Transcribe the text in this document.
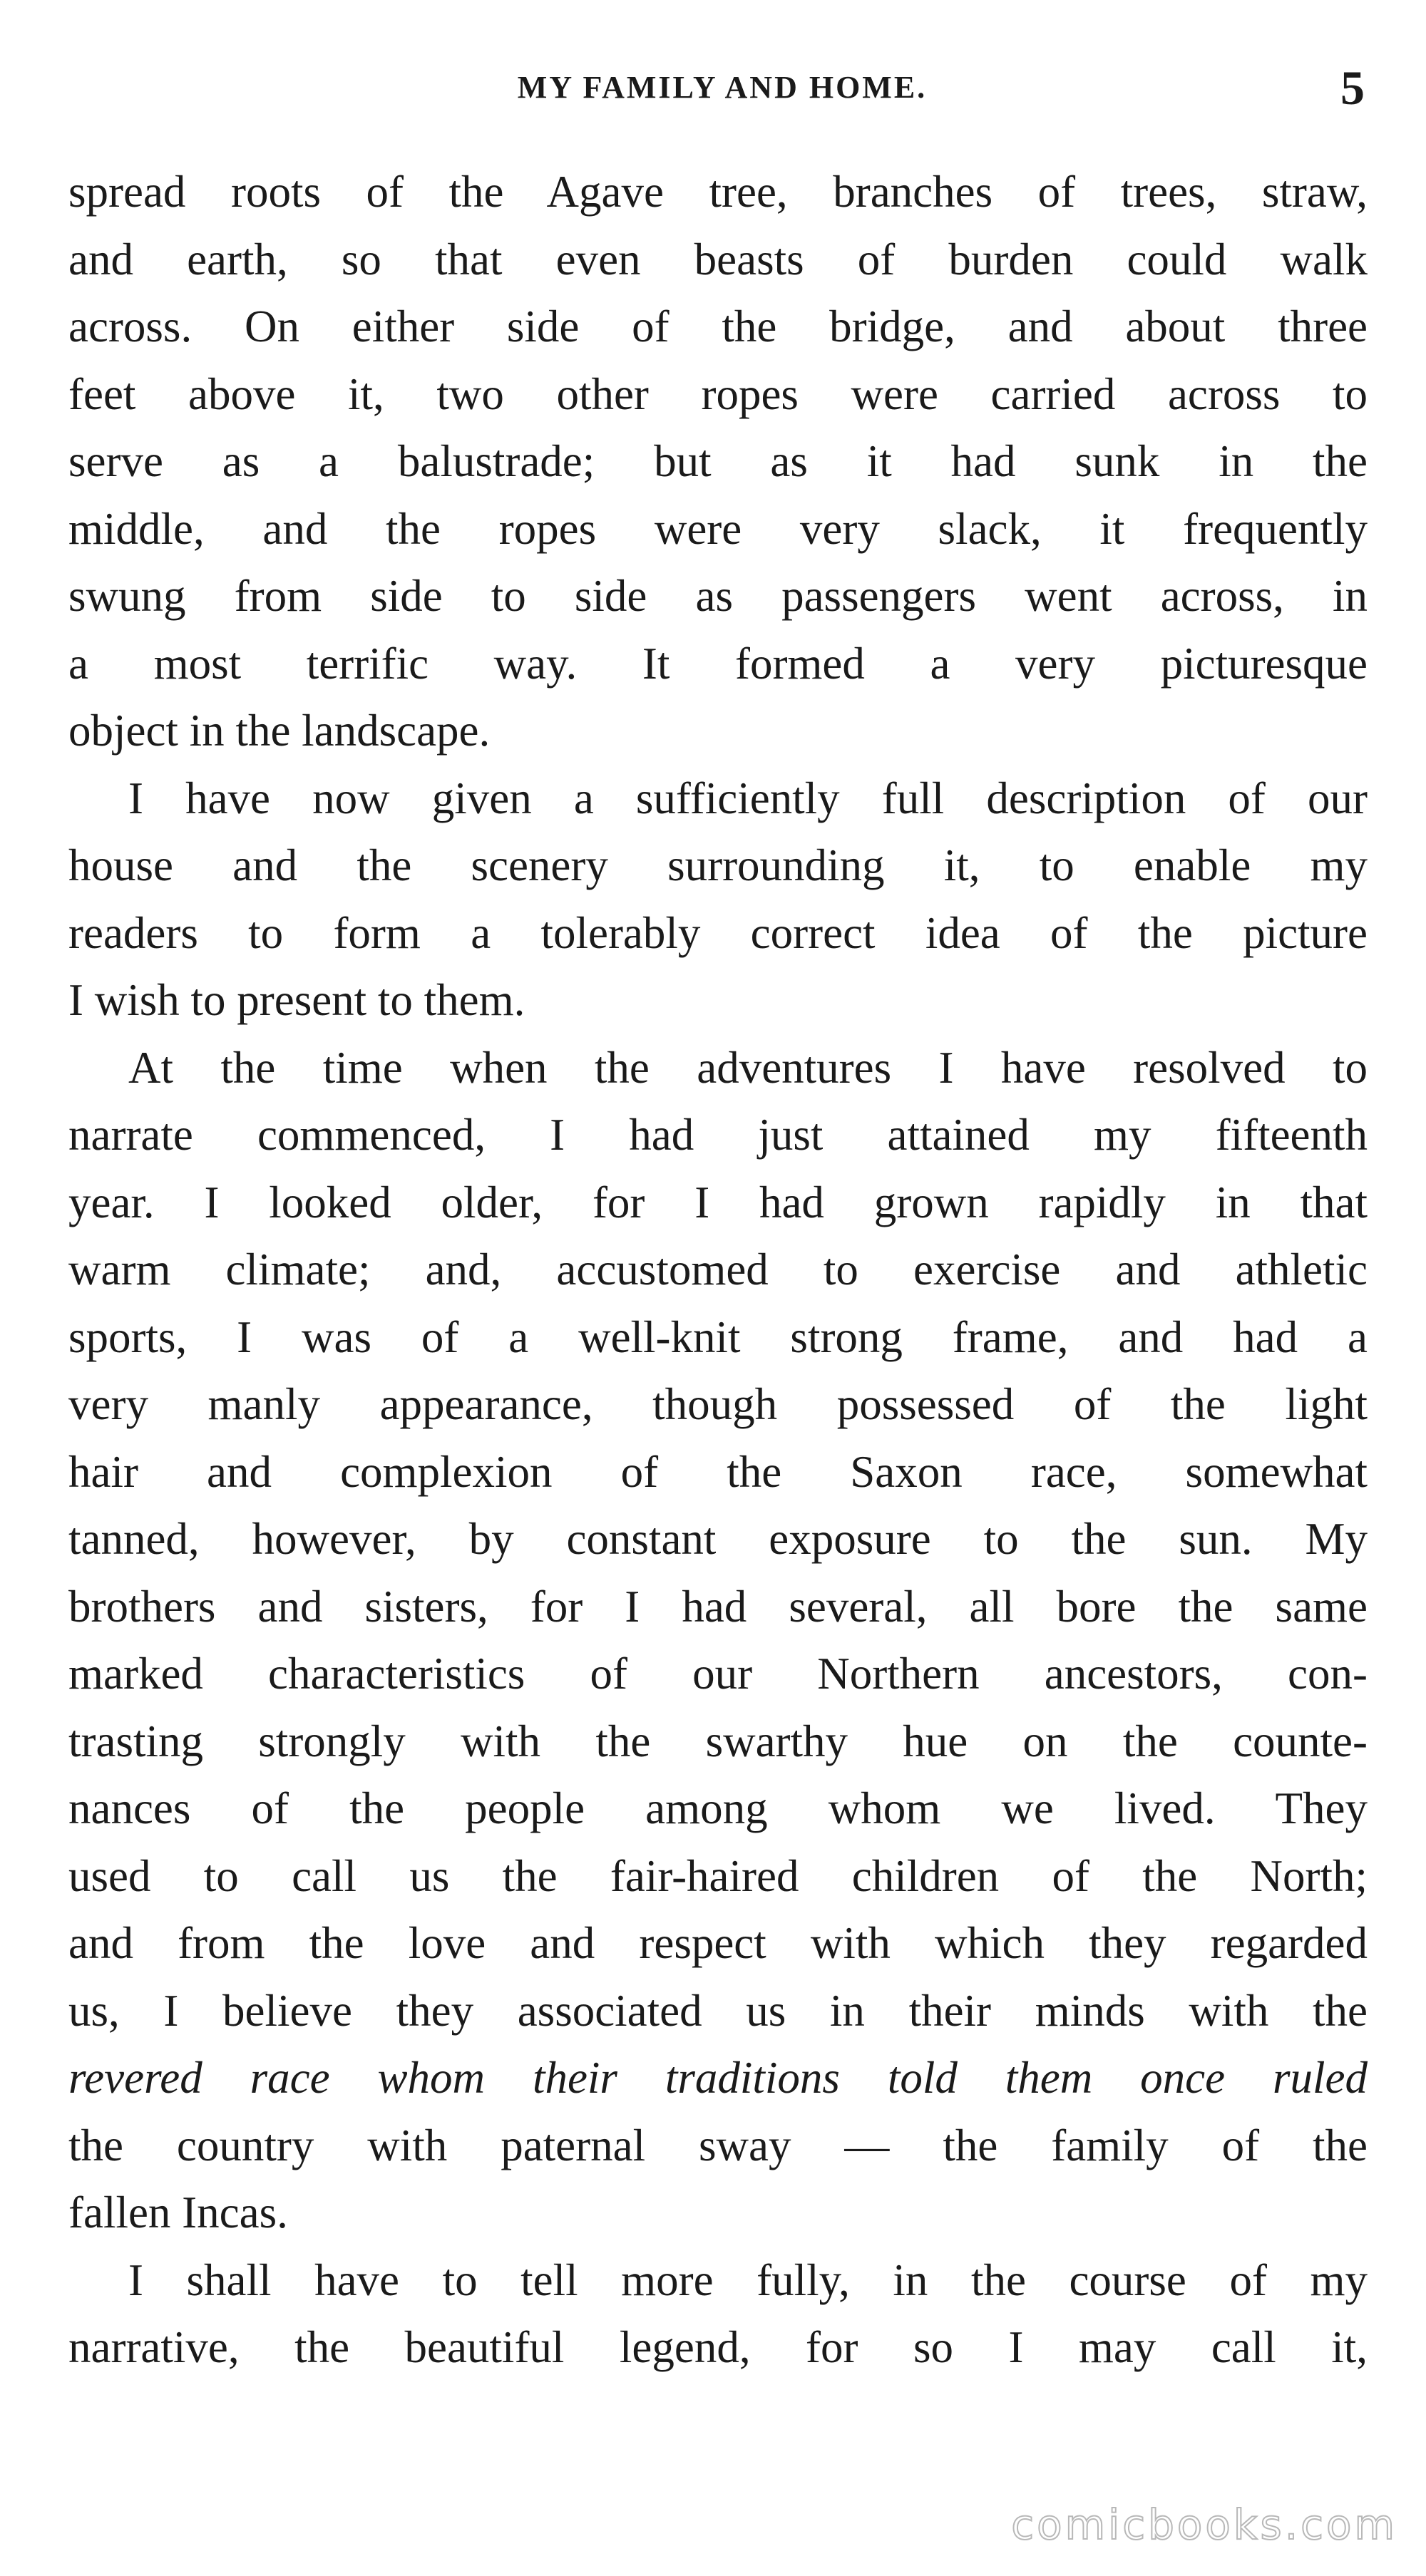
MY FAMILY AND HOME.	5
spread roots of the Agave tree, branches of trees, straw,
and earth, so that even beasts of burden could walk
across. On either side of the bridge, and about three
feet above it, two other ropes were carried across to
serve as a balustrade; but as it had sunk in the
middle, and the ropes were very slack, it frequently
swung from side to side as passengers went across, in
a most terrific way. It formed a very picturesque
object in the landscape.
I have now given a sufficiently full description of our
house and the scenery surrounding it, to enable my
readers to form a tolerably correct idea of the picture
I wish to present to them.
At the time when the adventures I have resolved to
narrate commenced, I had just attained my fifteenth
year. I looked older, for I had grown rapidly in that
warm climate; and, accustomed to exercise and athletic
sports, I was of a well-knit strong frame, and had a
very manly appearance, though possessed of the light
hair and complexion of the Saxon race, somewhat
tanned, however, by constant exposure to the sun. My
brothers and sisters, for I had several, all bore the same
marked characteristics of our Northern ancestors, con-
trasting strongly with the swarthy hue on the counte-
nances of the people among whom we lived. They
used to call us the fair-haired children of the North;
and from the love and respect with which they regarded
us, I believe they associated us in their minds with the
revered race whom their traditions told them once ruled
the country with paternal sway — the family of the
fallen Incas.
I shall have to tell more fully, in the course of my
narrative, the beautiful legend, for so I may call it,
comicbooks.com
